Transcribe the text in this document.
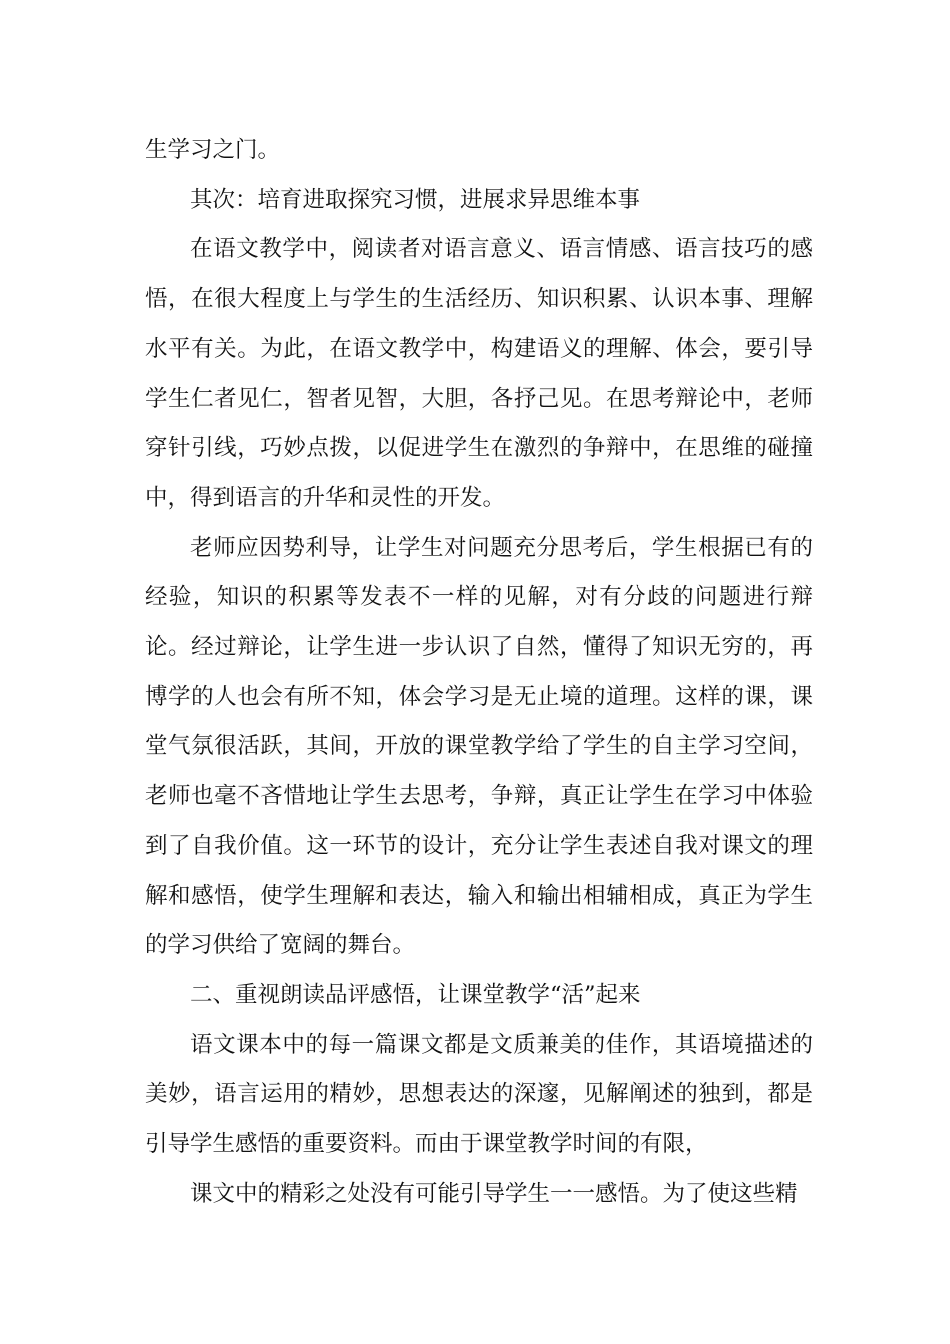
生学习之门。

其次：培育进取探究习惯，进展求异思维本事

在语文教学中，阅读者对语言意义、语言情感、语言技巧的感悟，在很大程度上与学生的生活经历、知识积累、认识本事、理解水平有关。为此，在语文教学中，构建语义的理解、体会，要引导学生仁者见仁，智者见智，大胆，各抒己见。在思考辩论中，老师穿针引线，巧妙点拨，以促进学生在激烈的争辩中，在思维的碰撞中，得到语言的升华和灵性的开发。

老师应因势利导，让学生对问题充分思考后，学生根据已有的经验，知识的积累等发表不一样的见解，对有分歧的问题进行辩论。经过辩论，让学生进一步认识了自然，懂得了知识无穷的，再博学的人也会有所不知，体会学习是无止境的道理。这样的课，课堂气氛很活跃，其间，开放的课堂教学给了学生的自主学习空间，老师也毫不吝惜地让学生去思考，争辩，真正让学生在学习中体验到了自我价值。这一环节的设计，充分让学生表述自我对课文的理解和感悟，使学生理解和表达，输入和输出相辅相成，真正为学生的学习供给了宽阔的舞台。

二、重视朗读品评感悟，让课堂教学“活”起来

语文课本中的每一篇课文都是文质兼美的佳作，其语境描述的美妙，语言运用的精妙，思想表达的深邃，见解阐述的独到，都是引导学生感悟的重要资料。而由于课堂教学时间的有限，

课文中的精彩之处没有可能引导学生一一感悟。为了使这些精
